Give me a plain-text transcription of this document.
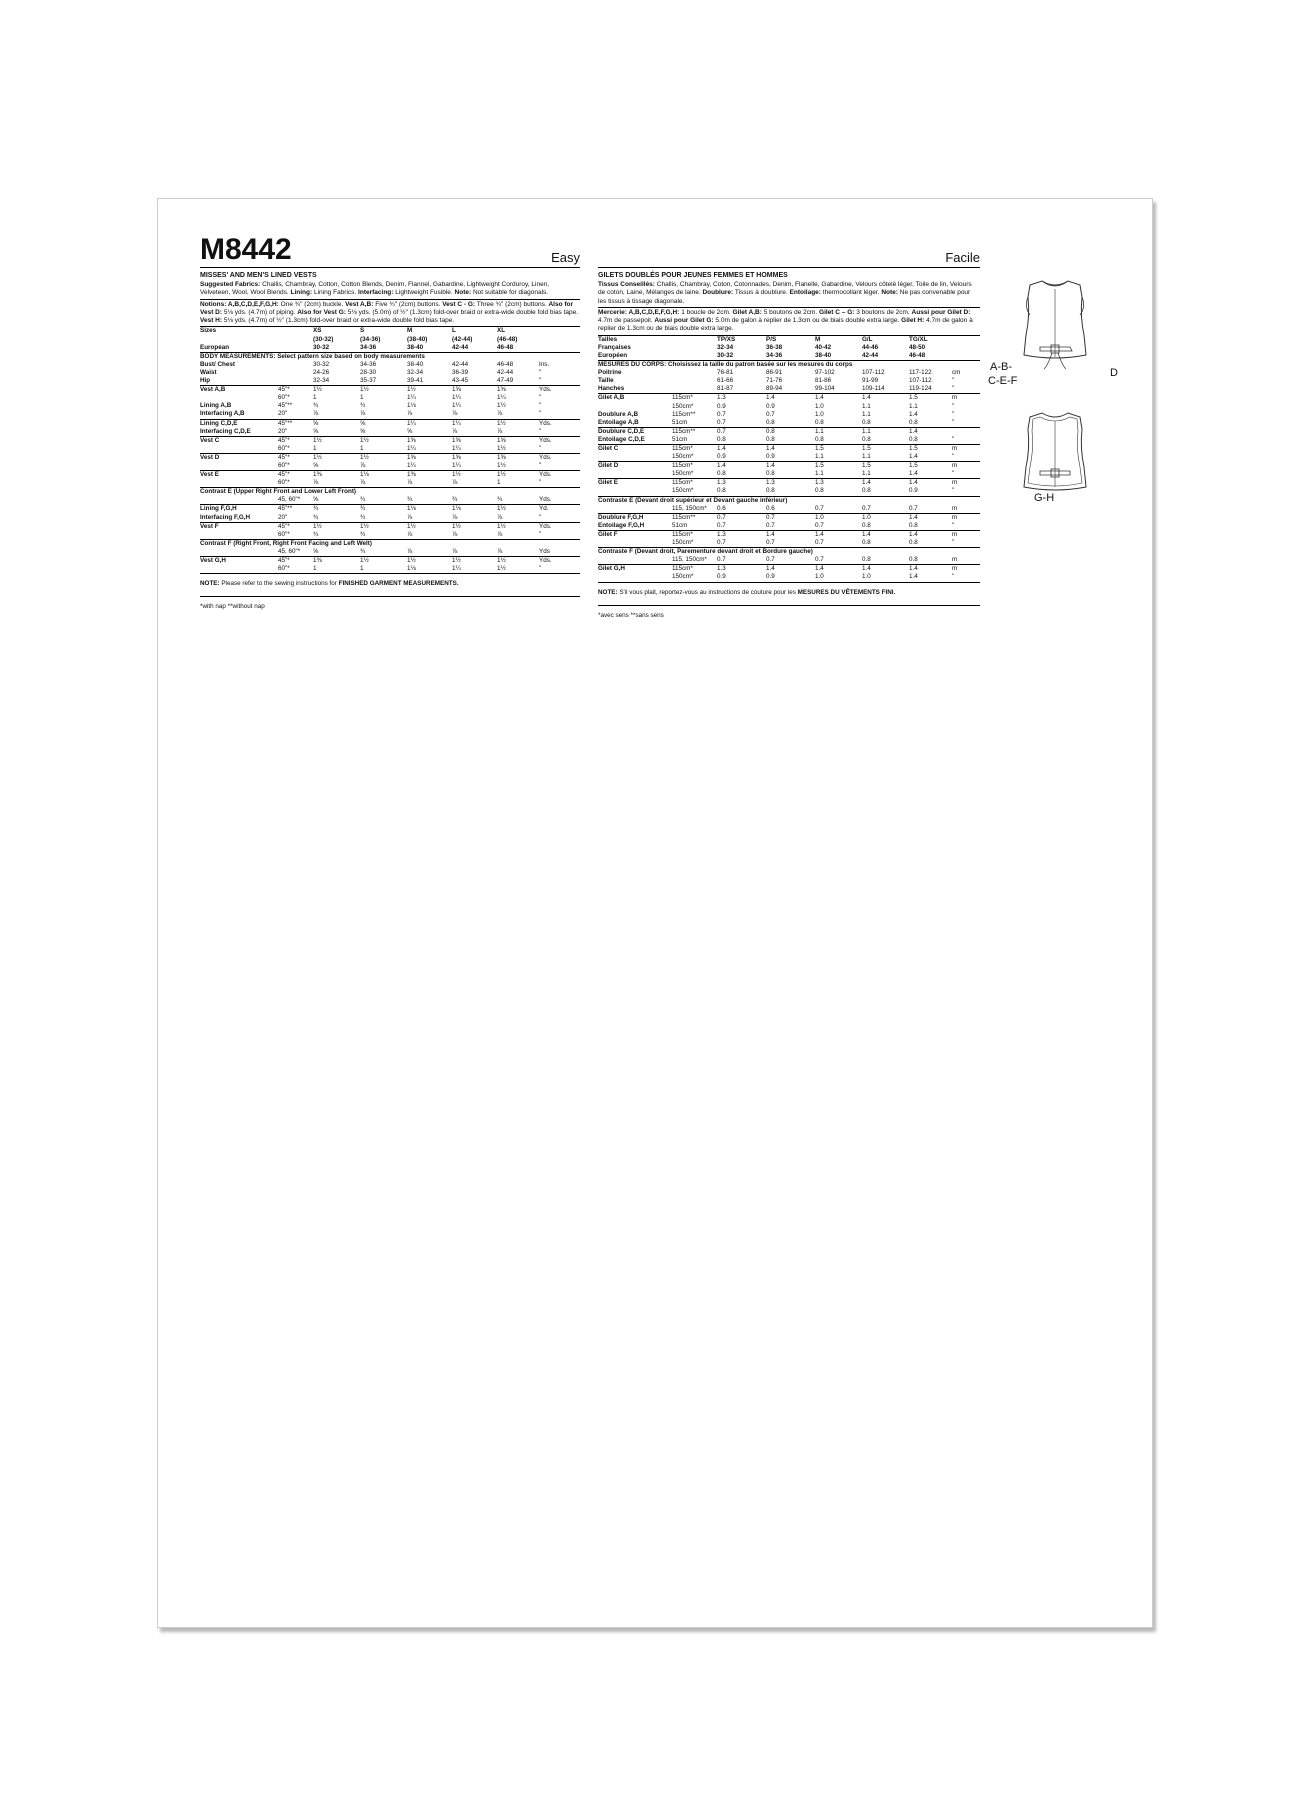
M8442	Easy
MISSES' AND MEN'S LINED VESTS
Suggested Fabrics: Challis, Chambray, Cotton, Cotton Blends, Denim, Flannel, Gabardine, Lightweight Corduroy, Linen, Velveteen, Wool, Wool Blends. Lining: Lining Fabrics. Interfacing: Lightweight Fusible. Note: Not suitable for diagonals.
Notions: A,B,C,D,E,F,G,H: One ¾" (2cm) buckle. Vest A,B: Five ¾" (2cm) buttons. Vest C - G: Three ¾" (2cm) buttons. Also for Vest D: 5⅛ yds. (4.7m) of piping. Also for Vest G: 5⅛ yds. (5.0m) of ½" (1.3cm) fold-over braid or extra-wide double fold bias tape. Vest H: 5⅛ yds. (4.7m) of ½" (1.3cm) fold-over braid or extra-wide double fold bias tape.
Sizes		XS	S	M	L	XL	
		(30-32)	(34-36)	(38-40)	(42-44)	(46-48)	
European		30-32	34-36	38-40	42-44	46-48	
BODY MEASUREMENTS: Select pattern size based on body measurements							
Bust/ Chest		30-32	34-36	38-40	42-44	46-48	Ins.
Waist		24-26	28-30	32-34	36-39	42-44	"
Hip		32-34	35-37	39-41	43-45	47-49	"
Vest A,B	45"*	1½	1½	1½	1⅝	1⅝	Yds.
	60"*	1	1	1¼	1¼	1¼	"
Lining A,B	45"**	¾	¾	1⅛	1¼	1½	"
Interfacing A,B	20"	⅞	⅞	⅞	⅞	⅞	"
Lining C,D,E	45"**	⅝	⅝	1¼	1¼	1½	Yds.
Interfacing C,D,E	20"	⅝	⅝	⅝	⅞	⅞	"
Vest C	45"*	1½	1½	1⅝	1⅝	1⅝	Yds.
	60"*	1	1	1¼	1¼	1½	"
Vest D	45"*	1½	1½	1⅝	1⅝	1⅝	Yds.
	60"*	⅝	⅞	1¼	1¼	1½	"
Vest E	45"*	1⅜	1⅛	1⅜	1½	1½	Yds.
	60"*	⅞	⅞	⅞	⅞	1	"
Contrast E (Upper Right Front and Lower Left Front)							
	45, 60"*	⅝	¾	¾	¾	¾	Yds.
Lining F,G,H	45"**	¾	¾	1⅛	1⅛	1½	Yd.
Interfacing F,G,H	20"	¾	¾	⅞	⅞	⅞	"
Vest F	45"*	1½	1½	1½	1½	1½	Yds.
	60"*	¾	¾	⅞	⅞	⅞	"
Contrast F (Right Front, Right Front Facing and Left Welt)							
	45, 60"*	⅝	¾	⅞	⅞	⅞	Yds
Vest G,H	45"*	1⅜	1½	1½	1½	1½	Yds.
	60"*	1	1	1⅛	1¼	1½	"
NOTE: Please refer to the sewing instructions for FINISHED GARMENT MEASUREMENTS.
*with nap **without nap
Facile
GILETS DOUBLÉS POUR JEUNES FEMMES ET HOMMES
Tissus Conseillés: Challis, Chambray, Coton, Cotonnades, Denim, Flanelle, Gabardine, Velours côtelé léger, Toile de lin, Velours de coton, Laine, Mélanges de laine. Doublure: Tissus à doublure. Entoilage: thermocollant léger. Note: Ne pas convenable pour les tissus à tissage diagonale.
Mercerie: A,B,C,D,E,F,G,H: 1 boucle de 2cm. Gilet A,B: 5 boutons de 2cm. Gilet C – G: 3 boutons de 2cm. Aussi pour Gilet D: 4.7m de passepoil. Aussi pour Gilet G: 5.0m de galon à replier de 1.3cm ou de biais double extra large. Gilet H: 4.7m de galon à replier de 1.3cm ou de biais double extra large.
Tailles		TP/XS	P/S	M	G/L	TG/XL	
Françaises		32-34	36-38	40-42	44-46	48-50	
Européen		30-32	34-36	38-40	42-44	46-48	
MESURES DU CORPS: Choisissez la taille du patron basée sur les mesures du corps							
Poitrine		76-81	86-91	97-102	107-112	117-122	cm
Taille		61-66	71-76	81-86	91-99	107-112	"
Hanches		81-87	89-94	99-104	109-114	119-124	"
Gilet A,B	115cm*	1.3	1.4	1.4	1.4	1.5	m
	150cm*	0.9	0.9	1.0	1.1	1.1	"
Doublure A,B	115cm**	0.7	0.7	1.0	1.1	1.4	"
Entoilage A,B	51cm	0.7	0.8	0.8	0.8	0.8	"
Doublure C,D,E	115cm**	0.7	0.8	1.1	1.1	1.4	
Entoilage C,D,E	51cm	0.8	0.8	0.8	0.8	0.8	"
Gilet C	115cm*	1.4	1.4	1.5	1.5	1.5	m
	150cm*	0.9	0.9	1.1	1.1	1.4	"
Gilet D	115cm*	1.4	1.4	1.5	1.5	1.5	m
	150cm*	0.8	0.8	1.1	1.1	1.4	"
Gilet E	115cm*	1.3	1.3	1.3	1.4	1.4	m
	150cm*	0.8	0.8	0.8	0.8	0.9	"
Contraste E (Devant droit supérieur et Devant gauche inférieur)							
	115, 150cm*	0.6	0.6	0.7	0.7	0.7	m
Doublure F,G,H	115cm**	0.7	0.7	1.0	1.0	1.4	m
Entoilage F,G,H	51cm	0.7	0.7	0.7	0.8	0.8	"
Gilet F	115cm*	1.3	1.4	1.4	1.4	1.4	m
	150cm*	0.7	0.7	0.7	0.8	0.8	"
Contraste F (Devant droit, Parementure devant droit et Bordure gauche)							
	115, 150cm*	0.7	0.7	0.7	0.8	0.8	m
Gilet G,H	115cm*	1.3	1.4	1.4	1.4	1.4	m
	150cm*	0.9	0.9	1.0	1.0	1.4	"
NOTE: S'il vous plait, reportez-vous au instructions de couture pour les MESURES DU VÊTEMENTS FINI.
*avec sens **sans sens
A-B-
C-E-F
D
G-H
